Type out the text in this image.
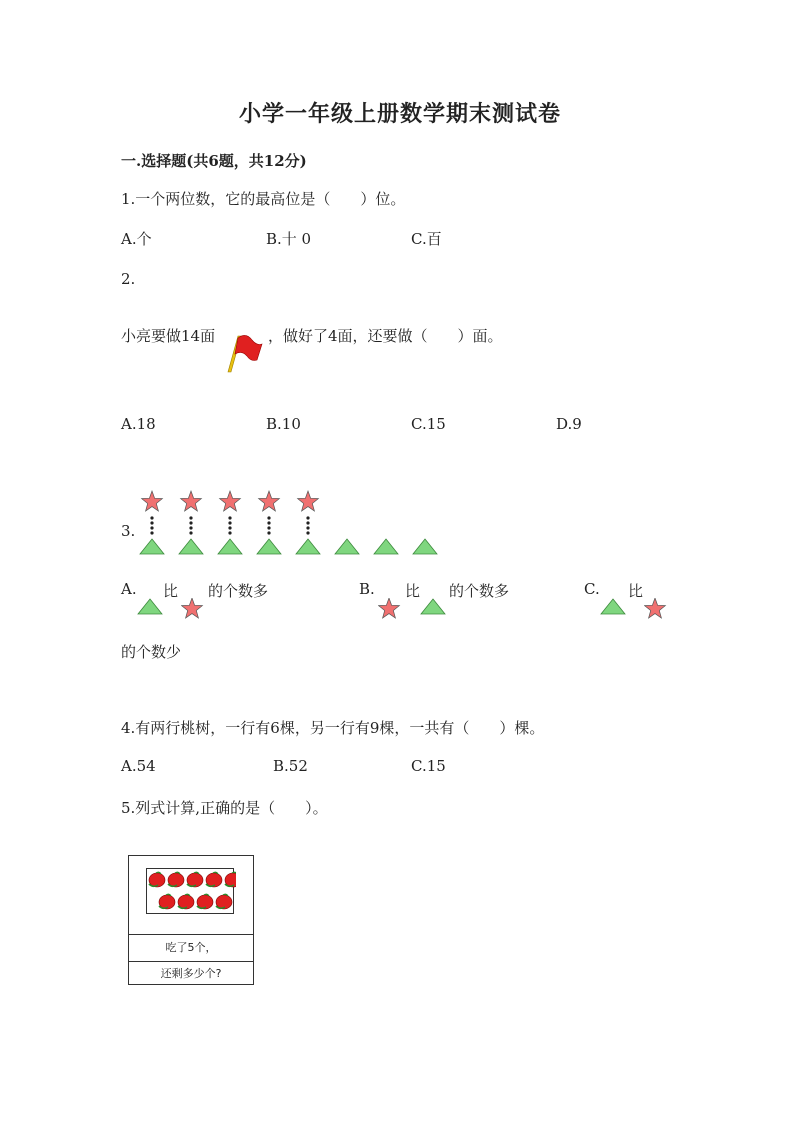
小学一年级上册数学期末测试卷
一.选择题(共6题，共12分)
1.一个两位数，它的最高位是（　　）位。
A.个	B.十 0	C.百
2.
小亮要做14面	，做好了4面，还要做（　　）面。
A.18	B.10	C.15	D.9
3.
A. 比 的个数多	B. 比 的个数多	C. 比
的个数少
4.有两行桃树，一行有6棵，另一行有9棵，一共有（　　）棵。
A.54	B.52	C.15
5.列式计算,正确的是（　　）。
吃了5个，
还剩多少个?
